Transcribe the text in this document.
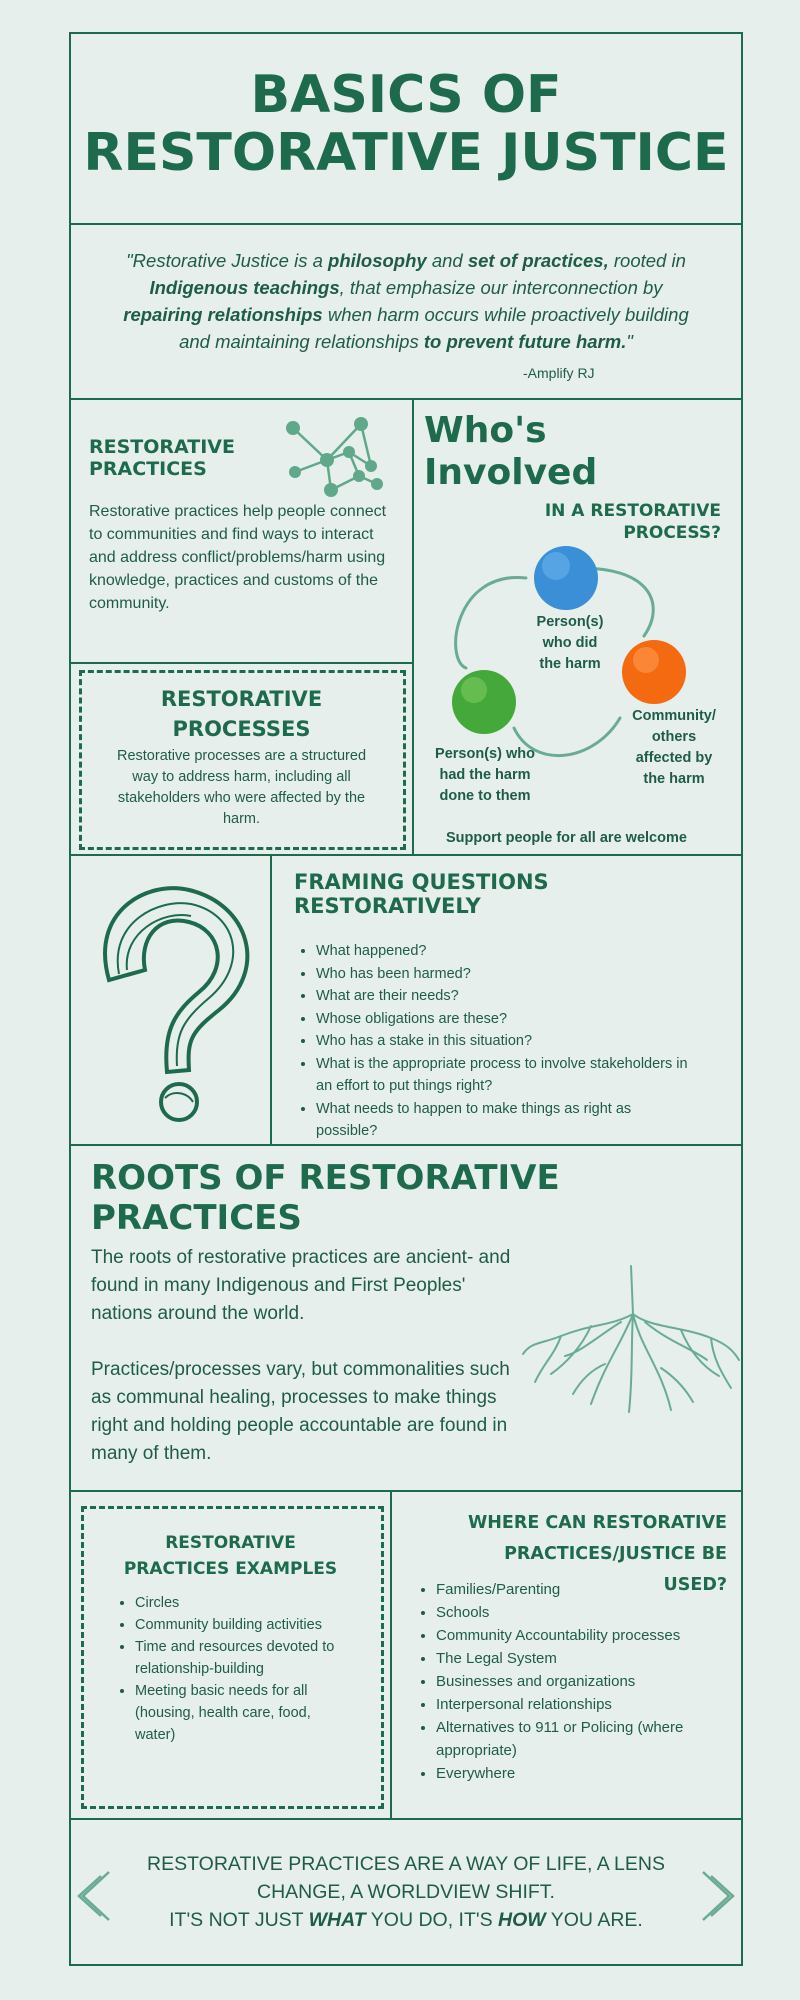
BASICS OF
RESTORATIVE JUSTICE
"Restorative Justice is a philosophy and set of practices, rooted in Indigenous teachings, that emphasize our interconnection by repairing relationships when harm occurs while proactively building and maintaining relationships to prevent future harm."
-Amplify RJ
RESTORATIVE
PRACTICES

Restorative practices help people connect to communities and find ways to interact and address conflict/problems/harm using knowledge, practices and customs of the community.

RESTORATIVE
PROCESSES

Restorative processes are a structured way to address harm, including all stakeholders who were affected by the harm.

Who's
Involved
IN A RESTORATIVE
PROCESS?
Person(s)
who did
the harm
Community/
others
affected by
the harm
Person(s) who
had the harm
done to them
Support people for all are welcome
FRAMING QUESTIONS
RESTORATIVELY
• What happened?
• Who has been harmed?
• What are their needs?
• Whose obligations are these?
• Who has a stake in this situation?
• What is the appropriate process to involve stakeholders in an effort to put things right?
• What needs to happen to make things as right as possible?
ROOTS OF RESTORATIVE
PRACTICES

The roots of restorative practices are ancient- and found in many Indigenous and First Peoples' nations around the world.

Practices/processes vary, but commonalities such as communal healing, processes to make things right and holding people accountable are found in many of them.

RESTORATIVE
PRACTICES EXAMPLES
• Circles
• Community building activities
• Time and resources devoted to relationship-building
• Meeting basic needs for all (housing, health care, food, water)
WHERE CAN RESTORATIVE
PRACTICES/JUSTICE BE
USED?
• Families/Parenting
• Schools
• Community Accountability processes
• The Legal System
• Businesses and organizations
• Interpersonal relationships
• Alternatives to 911 or Policing (where appropriate)
• Everywhere
RESTORATIVE PRACTICES ARE A WAY OF LIFE, A LENS
CHANGE, A WORLDVIEW SHIFT.
IT'S NOT JUST WHAT YOU DO, IT'S HOW YOU ARE.
